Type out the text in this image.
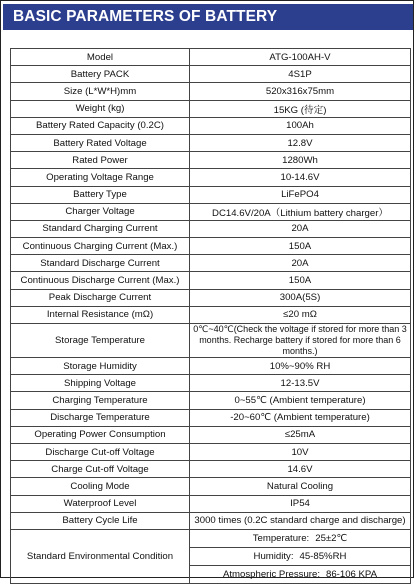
BASIC PARAMETERS OF BATTERY
Model	ATG-100AH-V
Battery PACK	4S1P
Size (L*W*H)mm	520x316x75mm
Weight (kg)	15KG (待定)
Battery Rated Capacity (0.2C)	100Ah
Battery Rated Voltage	12.8V
Rated Power	1280Wh
Operating Voltage Range	10-14.6V
Battery Type	LiFePO4
Charger Voltage	DC14.6V/20A（Lithium battery charger）
Standard Charging Current	20A
Continuous Charging Current (Max.)	150A
Standard Discharge Current	20A
Continuous Discharge Current (Max.)	150A
Peak Discharge Current	300A(5S)
Internal Resistance (mΩ)	≤20 mΩ
Storage Temperature	0℃~40℃(Check the voltage if stored for more than 3 months. Recharge battery if stored for more than 6 months.)
Storage Humidity	10%~90% RH
Shipping Voltage	12-13.5V
Charging Temperature	0~55℃ (Ambient temperature)
Discharge Temperature	-20~60℃ (Ambient temperature)
Operating Power Consumption	≤25mA
Discharge Cut-off Voltage	10V
Charge Cut-off Voltage	14.6V
Cooling Mode	Natural Cooling
Waterproof Level	IP54
Battery Cycle Life	3000 times (0.2C standard charge and discharge)
Standard Environmental Condition	Temperature: 25±2℃
Humidity: 45-85%RH
Atmospheric Pressure: 86-106 KPA
